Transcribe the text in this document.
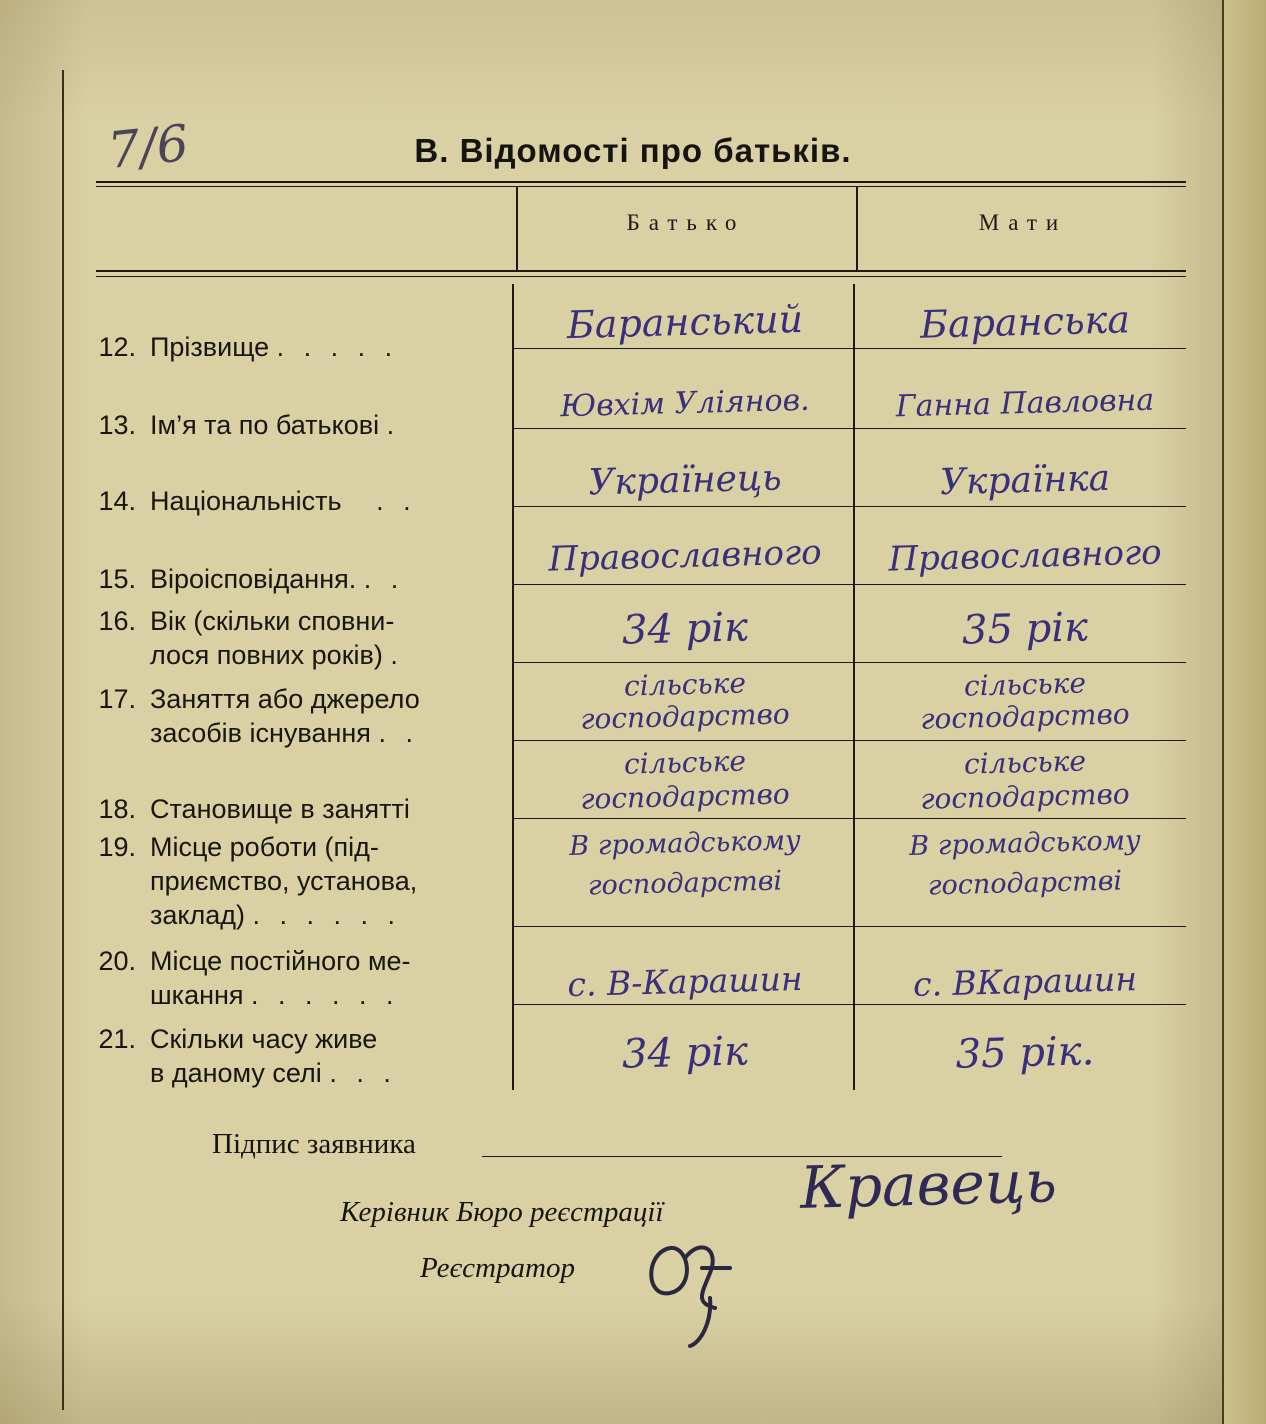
7/6	В. Відомості про батьків.
Батько	Мати
12. Прізвище . . . . .
13. Ім’я та по батькові .
14. Національність   . .
15. Віроісповідання. . .
16. Вік (скільки сповни-
лося повних років) .
17. Заняття або джерело
засобів існування . .
18. Становище в занятті
19. Місце роботи (під-
приємство, установа,
заклад) . . . . . .
20. Місце постійного ме-
шкання . . . . . .
21. Скільки часу живе
в даному селі . . .
Баранський
Ювхім Уліянов.
Українець
Православного
34 рік
сільське
господарство
сільське
господарство
В громадському
господарстві
с. В-Карашин
34 рік
Баранська
Ганна Павловна
Українка
Православного
35 рік
сільське
господарство
сільське
господарство
В громадському
господарстві
с. ВКарашин
35 рік.
Підпис заявника
Керівник Бюро реєстрації Кравець
Реєстратор
